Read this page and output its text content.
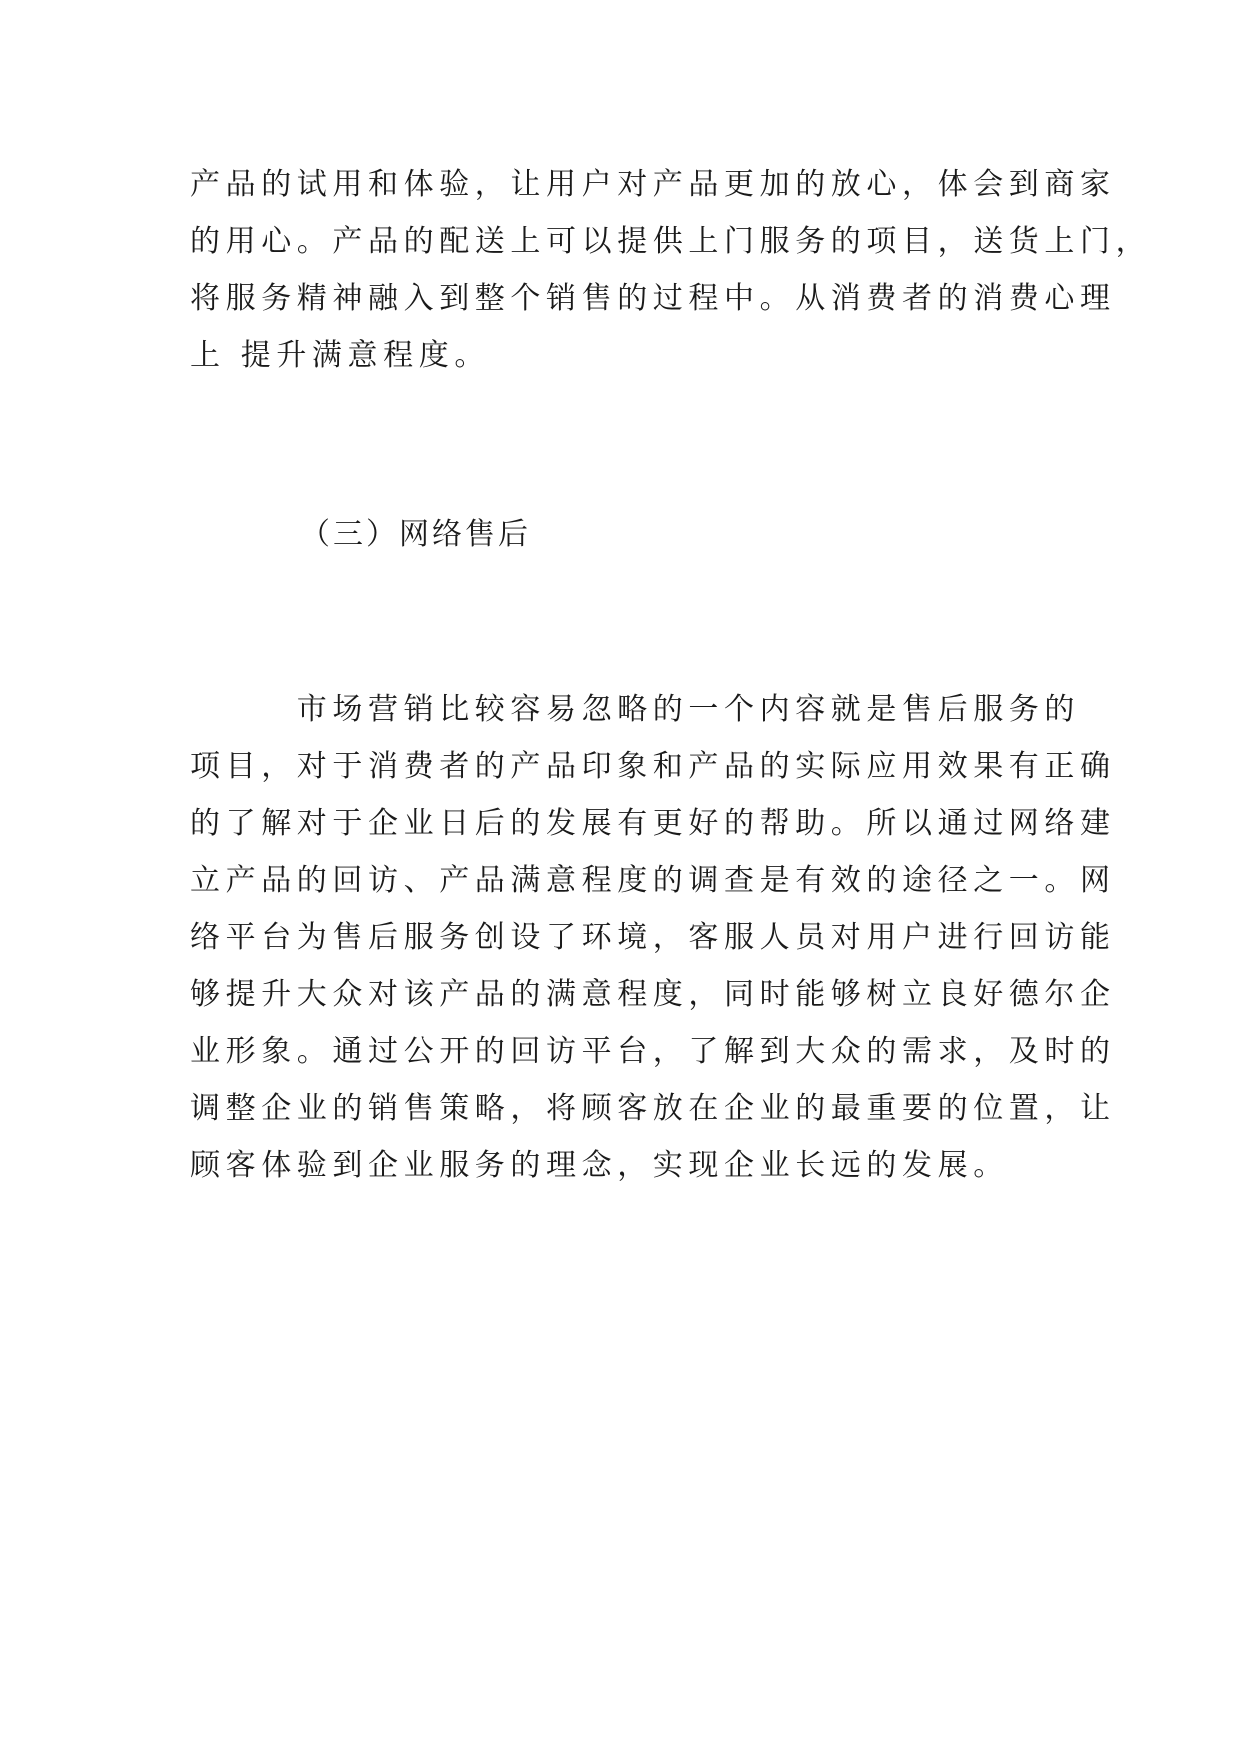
产品的试用和体验，让用户对产品更加的放心，体会到商家
的用心。产品的配送上可以提供上门服务的项目，送货上门，
将服务精神融入到整个销售的过程中。从消费者的消费心理
上 提升满意程度。
（三）网络售后
　　　市场营销比较容易忽略的一个内容就是售后服务的
项目，对于消费者的产品印象和产品的实际应用效果有正确
的了解对于企业日后的发展有更好的帮助。所以通过网络建
立产品的回访、产品满意程度的调查是有效的途径之一。网
络平台为售后服务创设了环境，客服人员对用户进行回访能
够提升大众对该产品的满意程度，同时能够树立良好德尔企
业形象。通过公开的回访平台，了解到大众的需求，及时的
调整企业的销售策略，将顾客放在企业的最重要的位置，让
顾客体验到企业服务的理念，实现企业长远的发展。
